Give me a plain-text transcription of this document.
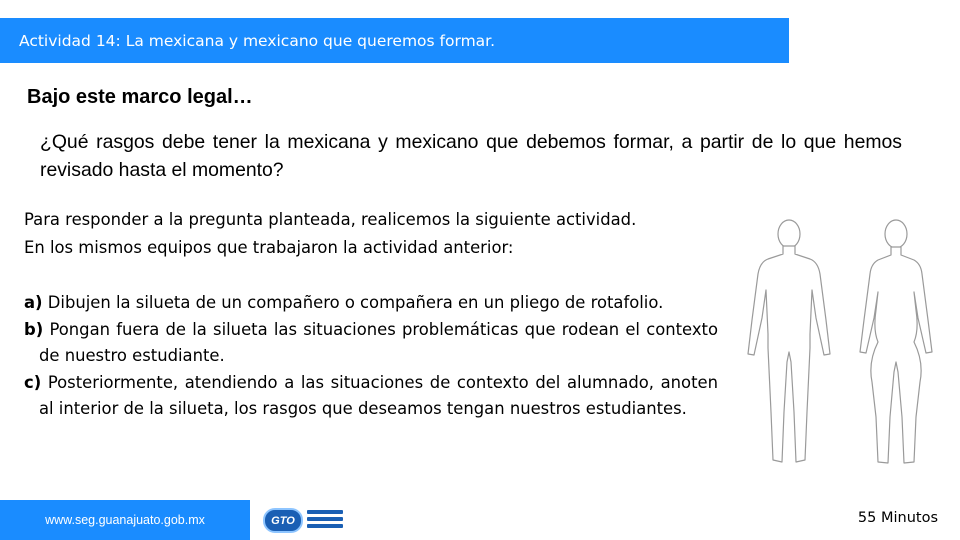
Actividad 14: La mexicana y mexicano que queremos formar.
Bajo este marco legal…
¿Qué rasgos debe tener la mexicana y mexicano que debemos formar, a partir de lo que hemos revisado hasta el momento?
Para responder a la pregunta planteada, realicemos la siguiente actividad.
En los mismos equipos que trabajaron la actividad anterior:

a) Dibujen la silueta de un compañero o compañera en un pliego de rotafolio.

b) Pongan fuera de la silueta las situaciones problemáticas que rodean el contexto de nuestro estudiante.

c) Posteriormente, atendiendo a las situaciones de contexto del alumnado, anoten al interior de la silueta, los rasgos que deseamos tengan nuestros estudiantes.

www.seg.guanajuato.gob.mx	GTO	55 Minutos
